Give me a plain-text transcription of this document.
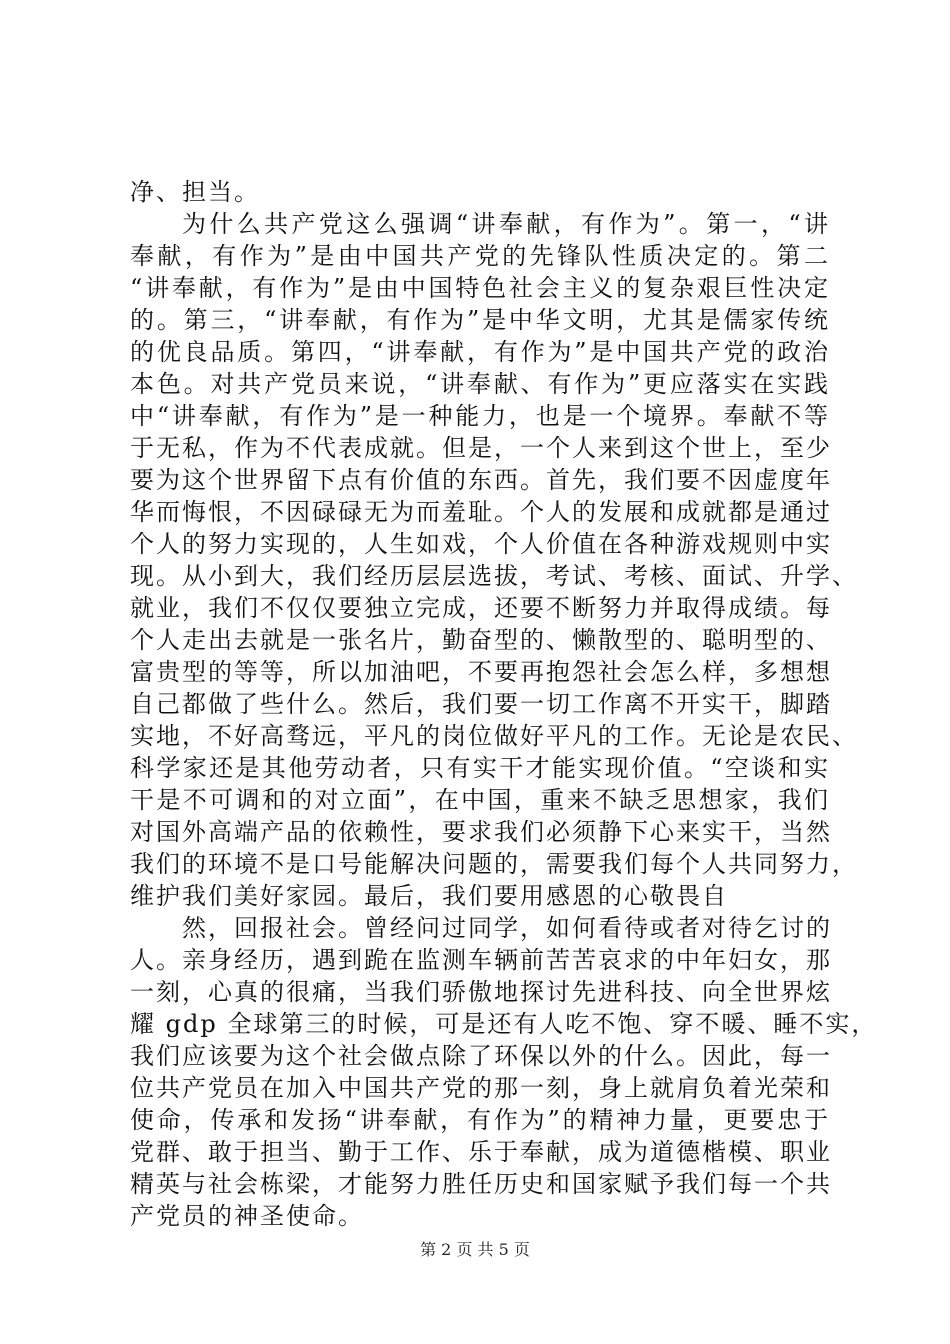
净、担当。
为什么共产党这么强调“讲奉献，有作为”。第一，“讲
奉献，有作为”是由中国共产党的先锋队性质决定的。第二
“讲奉献，有作为”是由中国特色社会主义的复杂艰巨性决定
的。第三，“讲奉献，有作为”是中华文明，尤其是儒家传统
的优良品质。第四，“讲奉献，有作为”是中国共产党的政治
本色。对共产党员来说，“讲奉献、有作为”更应落实在实践
中“讲奉献，有作为”是一种能力，也是一个境界。奉献不等
于无私，作为不代表成就。但是，一个人来到这个世上，至少
要为这个世界留下点有价值的东西。首先，我们要不因虚度年
华而悔恨，不因碌碌无为而羞耻。个人的发展和成就都是通过
个人的努力实现的，人生如戏，个人价值在各种游戏规则中实
现。从小到大，我们经历层层选拔，考试、考核、面试、升学、
就业，我们不仅仅要独立完成，还要不断努力并取得成绩。每
个人走出去就是一张名片，勤奋型的、懒散型的、聪明型的、
富贵型的等等，所以加油吧，不要再抱怨社会怎么样，多想想
自己都做了些什么。然后，我们要一切工作离不开实干，脚踏
实地，不好高骛远，平凡的岗位做好平凡的工作。无论是农民、
科学家还是其他劳动者，只有实干才能实现价值。“空谈和实
干是不可调和的对立面”，在中国，重来不缺乏思想家，我们
对国外高端产品的依赖性，要求我们必须静下心来实干，当然
我们的环境不是口号能解决问题的，需要我们每个人共同努力，
维护我们美好家园。最后，我们要用感恩的心敬畏自
然，回报社会。曾经问过同学，如何看待或者对待乞讨的
人。亲身经历，遇到跪在监测车辆前苦苦哀求的中年妇女，那
一刻，心真的很痛，当我们骄傲地探讨先进科技、向全世界炫
耀 gdp 全球第三的时候，可是还有人吃不饱、穿不暖、睡不实，
我们应该要为这个社会做点除了环保以外的什么。因此，每一
位共产党员在加入中国共产党的那一刻，身上就肩负着光荣和
使命，传承和发扬“讲奉献，有作为”的精神力量，更要忠于
党群、敢于担当、勤于工作、乐于奉献，成为道德楷模、职业
精英与社会栋梁，才能努力胜任历史和国家赋予我们每一个共
产党员的神圣使命。
第 2 页 共 5 页
